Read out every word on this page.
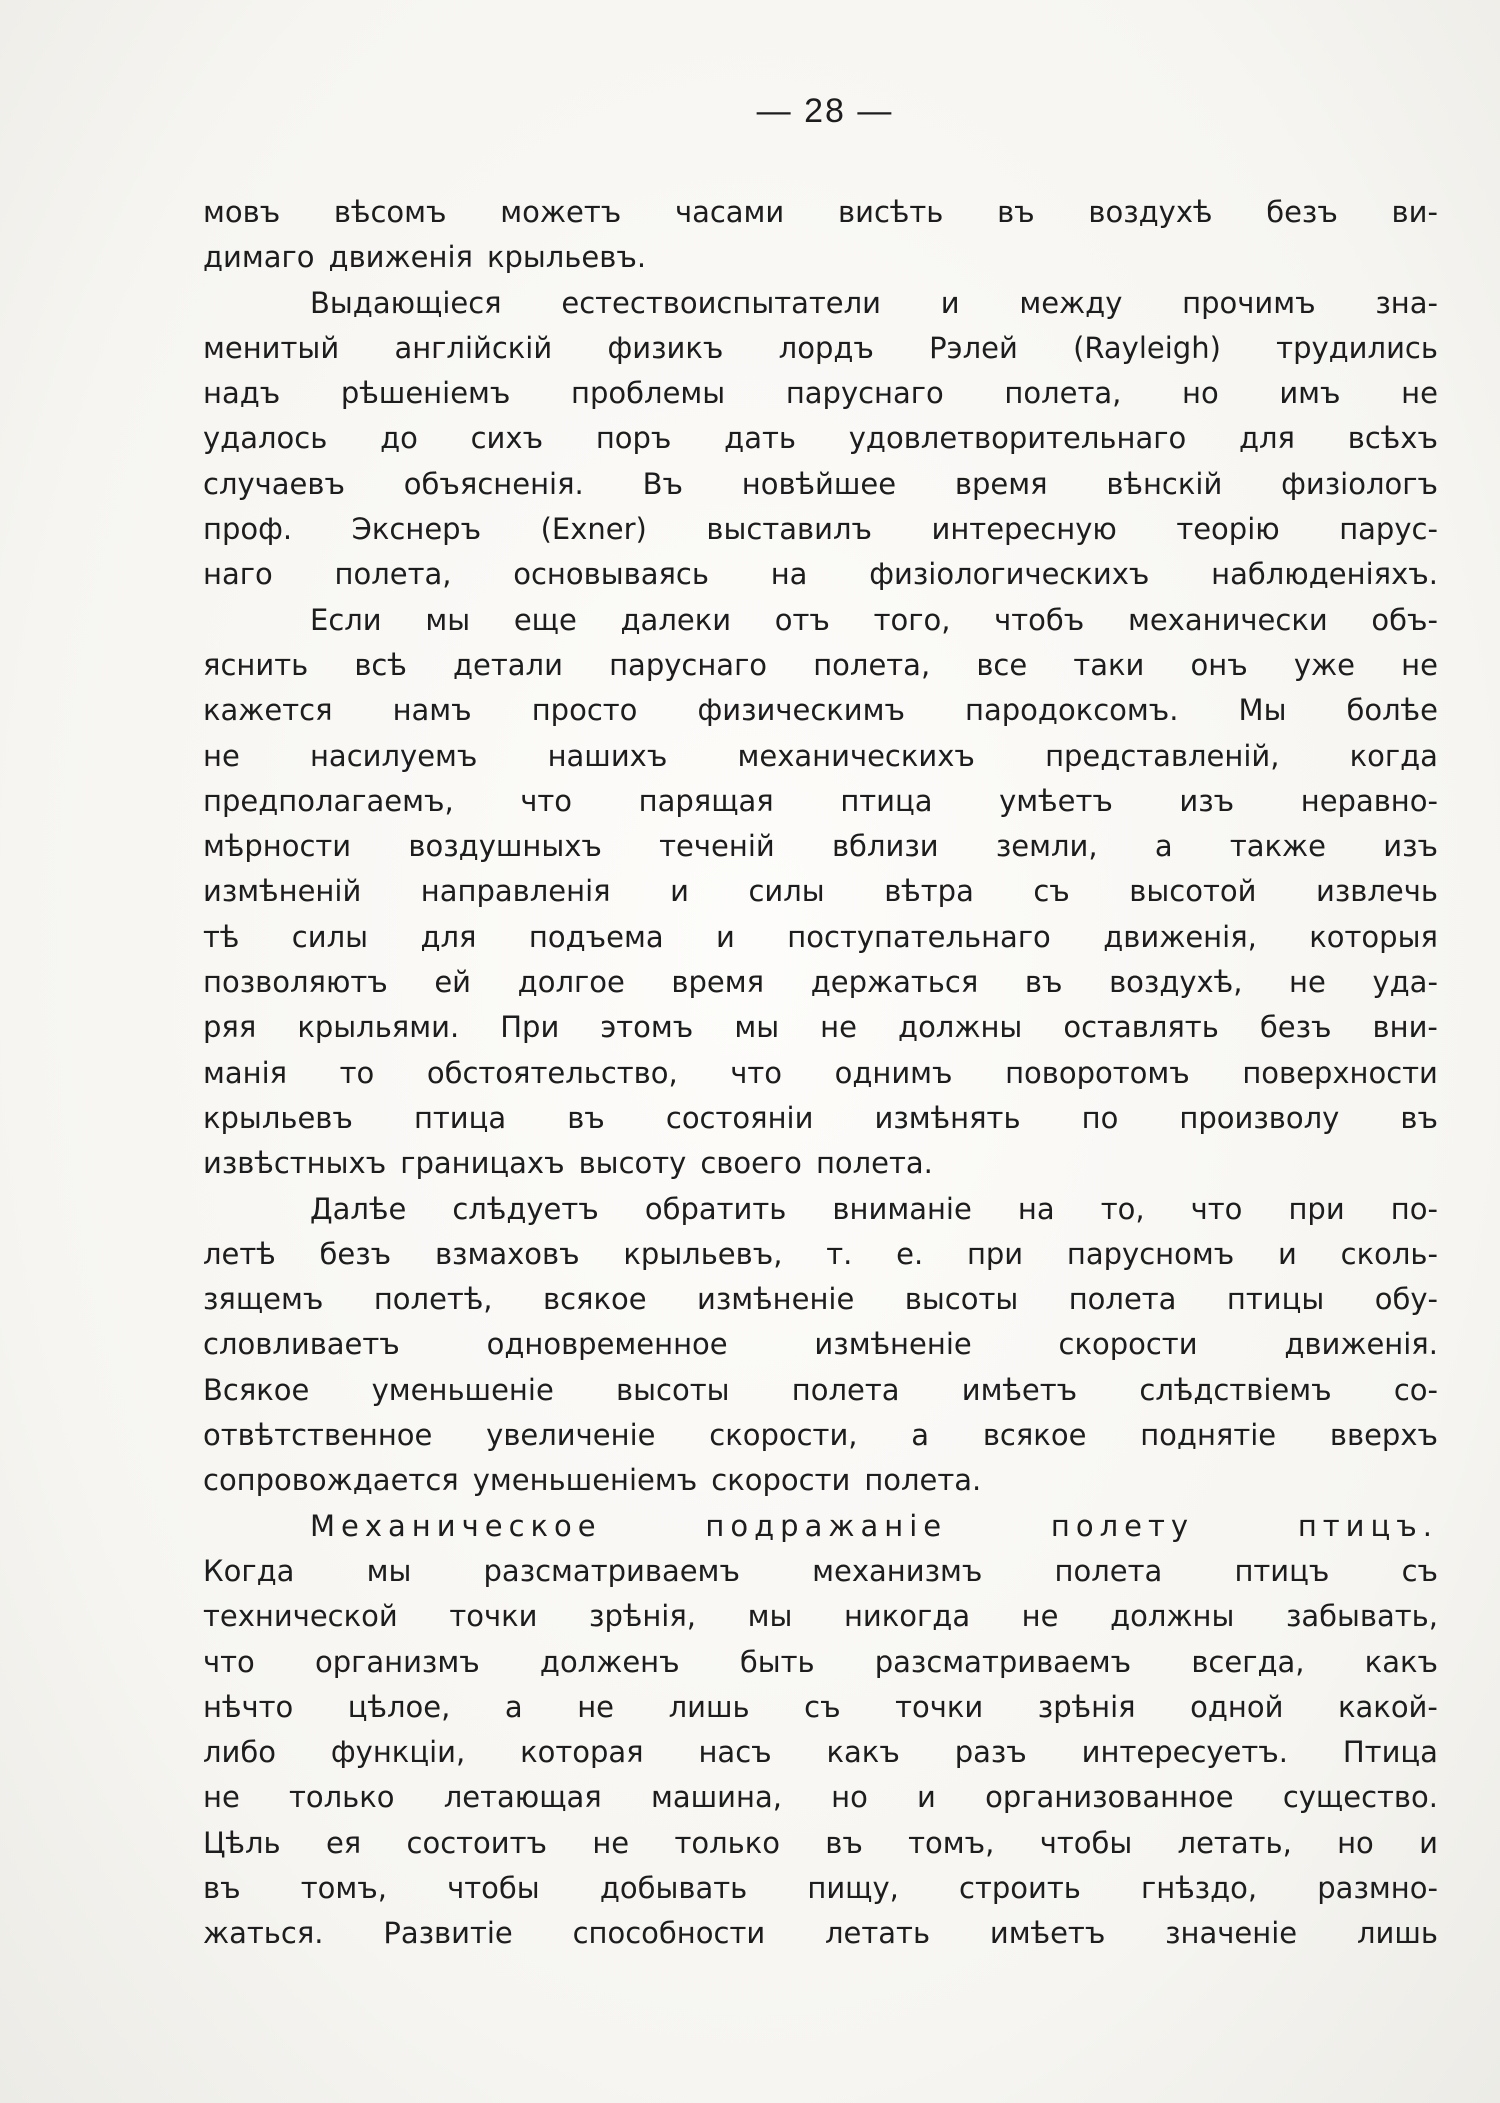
— 28 —
мовъ вѣсомъ можетъ часами висѣть въ воздухѣ безъ ви-
димаго движенія крыльевъ.
Выдающіеся естествоиспытатели и между прочимъ зна-
менитый англійскій физикъ лордъ Рэлей (Rayleigh) трудились
надъ рѣшеніемъ проблемы паруснаго полета, но имъ не
удалось до сихъ поръ дать удовлетворительнаго для всѣхъ
случаевъ объясненія. Въ новѣйшее время вѣнскій физіологъ
проф. Экснеръ (Exner) выставилъ интересную теорію парус-
наго полета, основываясь на физіологическихъ наблюденіяхъ.
Если мы еще далеки отъ того, чтобъ механически объ-
яснить всѣ детали паруснаго полета, все таки онъ уже не
кажется намъ просто физическимъ пародоксомъ. Мы болѣе
не насилуемъ нашихъ механическихъ представленій, когда
предполагаемъ, что парящая птица умѣетъ изъ неравно-
мѣрности воздушныхъ теченій вблизи земли, а также изъ
измѣненій направленія и силы вѣтра съ высотой извлечь
тѣ силы для подъема и поступательнаго движенія, которыя
позволяютъ ей долгое время держаться въ воздухѣ, не уда-
ряя крыльями. При этомъ мы не должны оставлять безъ вни-
манія то обстоятельство, что однимъ поворотомъ поверхности
крыльевъ птица въ состояніи измѣнять по произволу въ
извѣстныхъ границахъ высоту своего полета.
Далѣе слѣдуетъ обратить вниманіе на то, что при по-
летѣ безъ взмаховъ крыльевъ, т. е. при парусномъ и сколь-
зящемъ полетѣ, всякое измѣненіе высоты полета птицы обу-
словливаетъ	одновременное	измѣненіе	скорости	движенія.
Всякое уменьшеніе высоты полета имѣетъ слѣдствіемъ со-
отвѣтственное увеличеніе скорости, а всякое поднятіе вверхъ
сопровождается уменьшеніемъ скорости полета.
Механическое	подражаніе	полету	птицъ.
Когда мы разсматриваемъ механизмъ полета птицъ съ
технической точки зрѣнія, мы никогда не должны забывать,
что организмъ долженъ быть разсматриваемъ всегда, какъ
нѣчто цѣлое, а не лишь съ точки зрѣнія одной какой-
либо функціи, которая насъ какъ разъ интересуетъ. Птица
не только летающая машина, но и организованное существо.
Цѣль ея состоитъ не только въ томъ, чтобы летать, но и
въ томъ, чтобы добывать пищу, строить гнѣздо, размно-
жаться. Развитіе способности летать имѣетъ значеніе лишь
